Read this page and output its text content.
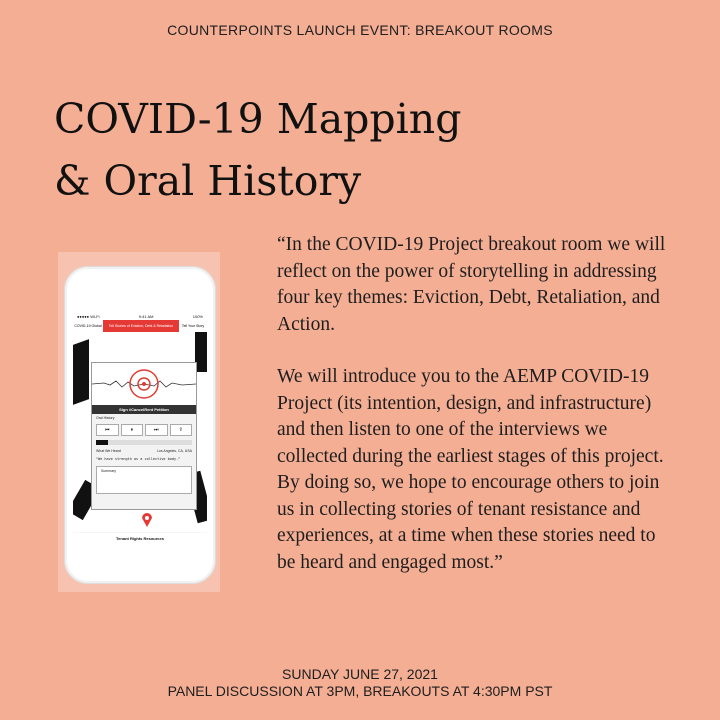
COUNTERPOINTS LAUNCH EVENT: BREAKOUT ROOMS
COVID-19 Mapping
& Oral History
●●●●● Wi-Fi	9:41 AM	100%
COVID-19 Global	Tell Stories of Eviction, Debt & Retaliation	Tell Your Story
Sign #CancelRent Petition
Oral History
⏮	⏸	⏭	⇪
What We Heard	Los Angeles, CA, USA
“We have strength as a collective body.”
Summary
Tenant Rights Resources

“In the COVID-19 Project breakout room we will reflect on the power of storytelling in addressing four key themes: Eviction, Debt, Retaliation, and Action.

We will introduce you to the AEMP COVID-19 Project (its intention, design, and infrastructure) and then listen to one of the interviews we collected during the earliest stages of this project. By doing so, we hope to encourage others to join us in collecting stories of tenant resistance and experiences, at a time when these stories need to be heard and engaged most.”

SUNDAY JUNE 27, 2021
PANEL DISCUSSION AT 3PM, BREAKOUTS AT 4:30PM PST
